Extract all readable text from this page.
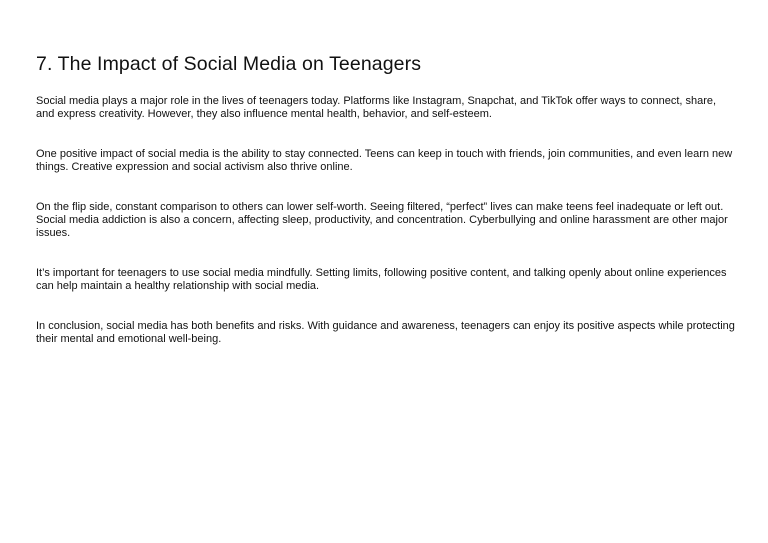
7. The Impact of Social Media on Teenagers

Social media plays a major role in the lives of teenagers today. Platforms like Instagram, Snapchat, and TikTok offer ways to connect, share, and express creativity. However, they also influence mental health, behavior, and self-esteem.

One positive impact of social media is the ability to stay connected. Teens can keep in touch with friends, join communities, and even learn new things. Creative expression and social activism also thrive online.

On the flip side, constant comparison to others can lower self-worth. Seeing filtered, “perfect” lives can make teens feel inadequate or left out. Social media addiction is also a concern, affecting sleep, productivity, and concentration. Cyberbullying and online harassment are other major issues.

It’s important for teenagers to use social media mindfully. Setting limits, following positive content, and talking openly about online experiences can help maintain a healthy relationship with social media.

In conclusion, social media has both benefits and risks. With guidance and awareness, teenagers can enjoy its positive aspects while protecting their mental and emotional well-being.
